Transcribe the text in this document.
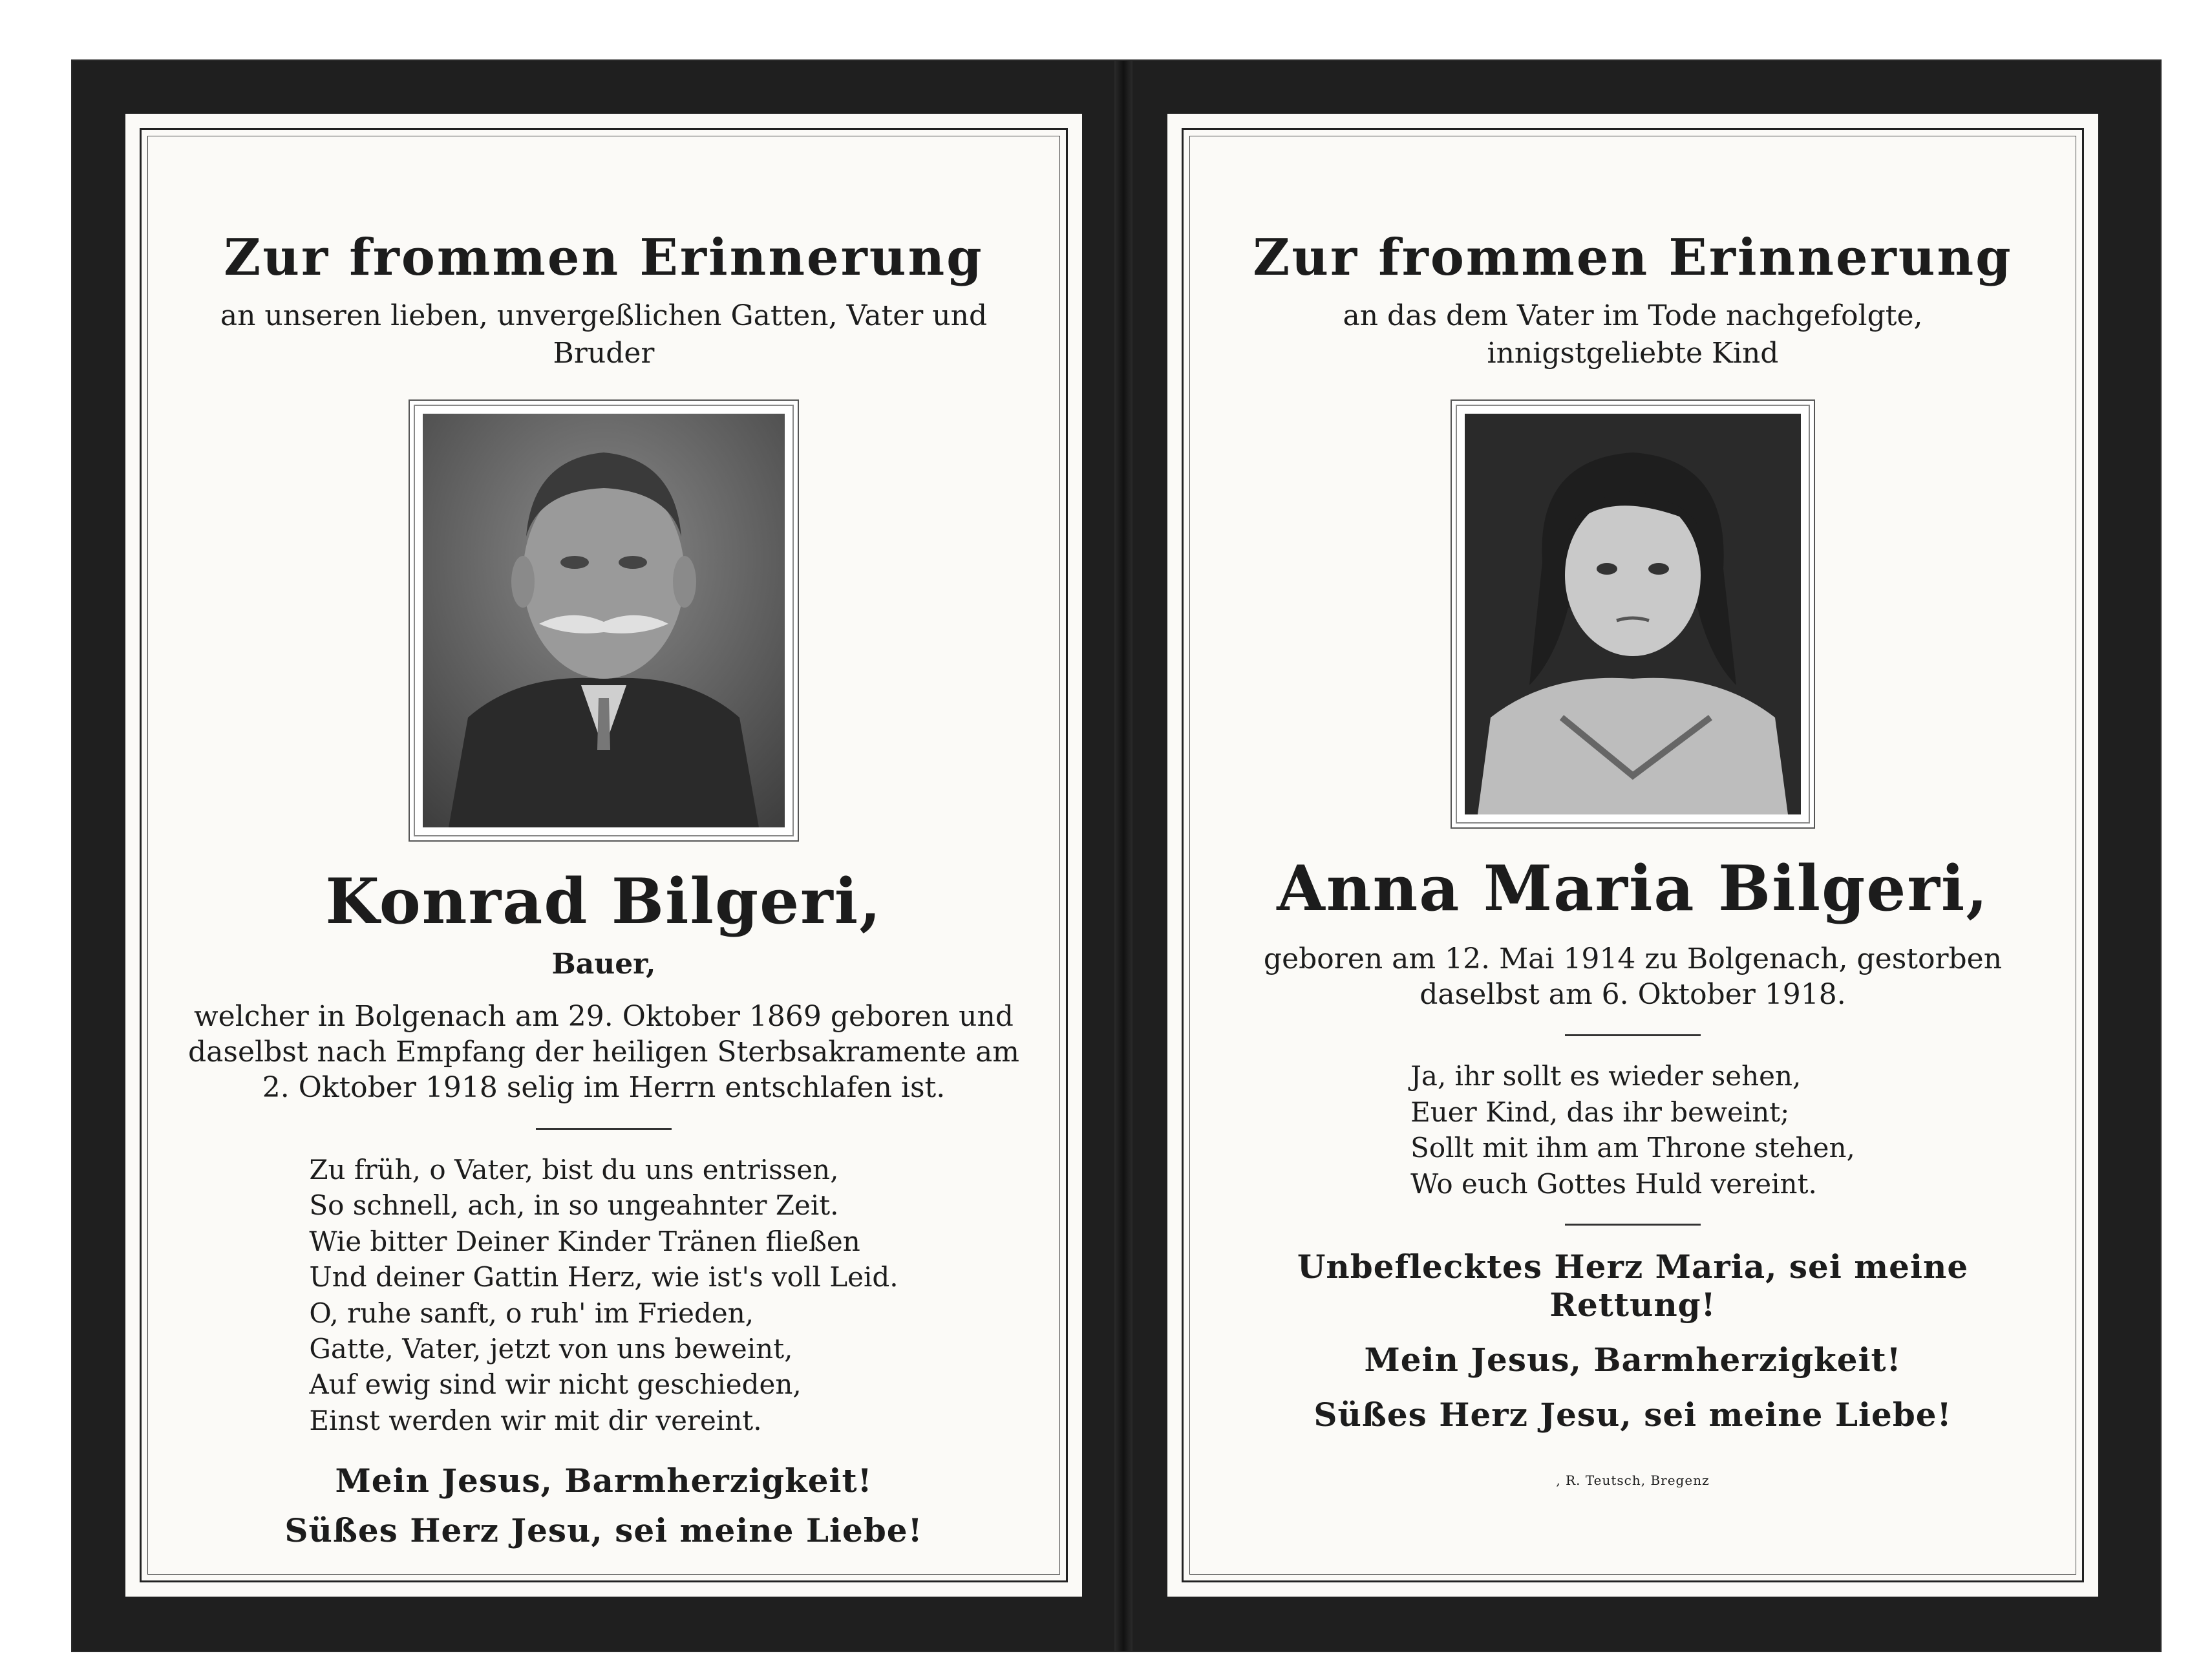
Zur frommen Erinnerung
an unseren lieben, unvergeßlichen Gatten, Vater und Bruder
Konrad Bilgeri,
Bauer,
welcher in Bolgenach am 29. Oktober 1869 geboren und daselbst nach Empfang der heiligen Sterbsakramente am 2. Oktober 1918 selig im Herrn entschlafen ist.
Zu früh, o Vater, bist du uns entrissen,
So schnell, ach, in so ungeahnter Zeit.
Wie bitter Deiner Kinder Tränen fließen
Und deiner Gattin Herz, wie ist's voll Leid.
O, ruhe sanft, o ruh' im Frieden,
Gatte, Vater, jetzt von uns beweint,
Auf ewig sind wir nicht geschieden,
Einst werden wir mit dir vereint.
Mein Jesus, Barmherzigkeit!
Süßes Herz Jesu, sei meine Liebe!
Zur frommen Erinnerung
an das dem Vater im Tode nachgefolgte, innigstgeliebte Kind
Anna Maria Bilgeri,
geboren am 12. Mai 1914 zu Bolgenach, gestorben daselbst am 6. Oktober 1918.
Ja, ihr sollt es wieder sehen,
Euer Kind, das ihr beweint;
Sollt mit ihm am Throne stehen,
Wo euch Gottes Huld vereint.
Unbeflecktes Herz Maria, sei meine Rettung!
Mein Jesus, Barmherzigkeit!
Süßes Herz Jesu, sei meine Liebe!
, R. Teutsch, Bregenz
